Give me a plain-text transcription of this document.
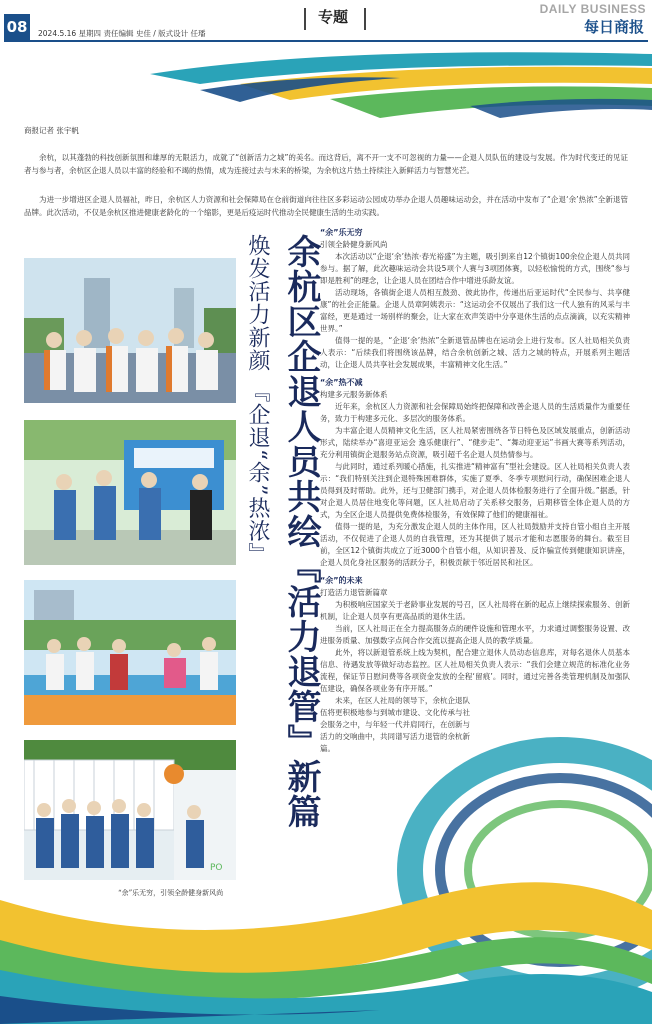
08	2024.5.16 星期四 责任编辑 史佳 / 版式设计 任璠
专题	DAILY BUSINESS
每日商报
商报记者 张宇帆

余杭，以其蓬勃的科技创新氛围和雄厚的无限活力，成就了“创新活力之城”的美名。而这背后，离不开一支不可忽视的力量——企退人员队伍的建设与发展。作为时代变迁的见证者与参与者，余杭区企退人员以丰富的经验和不竭的热情，成为连接过去与未来的桥梁，为余杭这片热土持续注入新鲜活力与智慧光芒。

为进一步增进区企退人员福祉，昨日，余杭区人力资源和社会保障局在仓前街道向往往区多彩运动公园成功举办企退人员趣味运动会，并在活动中发布了“企退‘余’热浓”全新退管品牌。此次活动，不仅是余杭区推进健康老龄化的一个缩影，更是后疫运时代推动全民健康生活的生动实践。

PO
“余”乐无穷，引领全龄健身新风尚
余杭区企退人员共绘『活力退管』新篇
焕发活力新颜 『企退“余”热浓』
“余”乐无穷
引领全龄健身新风尚

本次活动以“企退‘余’热浓·春光裕盛”为主题，吸引到来自12个镇街100余位企退人员共同参与。据了解，此次趣味运动会共设5项个人赛与3项团体赛，以轻松愉悦的方式，围绕“参与即是胜利”的理念，让企退人员在团结合作中增进乐龄友谊。

活动现场，各镇街企退人员相互鼓劲、彼此协作，传递出后亚运时代“全民参与、共享健康”的社会正能量。企退人员章阿姨表示：“这运动会不仅展出了我们这一代人独有的风采与丰富经，更是通过一场别样的聚会，让大家在欢声笑语中分享退休生活的点点滴滴，以充实精神世界。”

值得一提的是，“企退‘余’热浓”全新退管品牌也在运动会上进行发布。区人社局相关负责人表示：“后续我们将围绕该品牌，结合余杭创新之城、活力之城的特点，开展系列主题活动，让企退人员共享社会发展成果，丰富精神文化生活。”

“余”热不减
构建多元服务新体系

近年来，余杭区人力资源和社会保障局始终把保障和改善企退人员的生活质量作为重要任务，致力于构建多元化、多层次的服务体系。

为丰富企退人员精神文化生活，区人社局紧密围绕各节日特色及区域发展重点，创新活动形式，陆续举办“喜迎亚运会 逸乐健康行”、“健步走”、“舞动迎亚运”书画大赛等系列活动，充分利用镇街企退服务站点资源，吸引超千名企退人员热情参与。

与此同时，通过系列暖心措施，扎实推进“精神富有”型社会建设。区人社局相关负责人表示：“我们特别关注到企退特殊困难群体，实施了夏季、冬季专项慰问行动，确保困难企退人员得到及时帮助。此外，还与卫健部门携手，对企退人员体检服务进行了全面升级。”据悉，针对企退人员居住地变化等问题，区人社局启动了关系移交服务，后期移管全体企退人员的方式，为全区企退人员提供免费体检服务，有效保障了他们的健康福祉。

值得一提的是，为充分激发企退人员的主体作用，区人社局鼓励并支持自管小组自主开展活动，不仅促进了企退人员的自我管理，还为其提供了展示才能和志愿服务的舞台。截至目前，全区12个镇街共成立了近3000个自管小组，从知识普及、反诈骗宣传到健康知识讲座，企退人员化身社区服务的活跃分子，积极贡献于邻近居民和社区。

“余”的未来
打造活力退管新篇章

为积极响应国家关于老龄事业发展的号召，区人社局将在新的起点上继续探索服务、创新机制，让企退人员享有更高品质的退休生活。

当前，区人社局正在全力提高服务点的硬件设施和管理水平，力求通过调整服务设置、改进服务质量、加强数字点间合作交流以提高企退人员的教学质量。

此外，将以新退管系统上线为契机，配合建立退休人员动态信息库，对每名退休人员基本信息、待遇发放等做好动态监控。区人社局相关负责人表示：“我们会建立规范的标准化业务流程，保证节日慰问费等各项资金发放的全程‘留痕’。同时，通过完善各类管理机制及加强队伍建设，确保各项业务有序开展。”

未来，在区人社局的领导下，余杭企退队伍将更积极地参与到城市建设、文化传承与社会服务之中，与年轻一代并肩同行，在创新与活力的交响曲中，共同谱写活力退管的余杭新篇。
